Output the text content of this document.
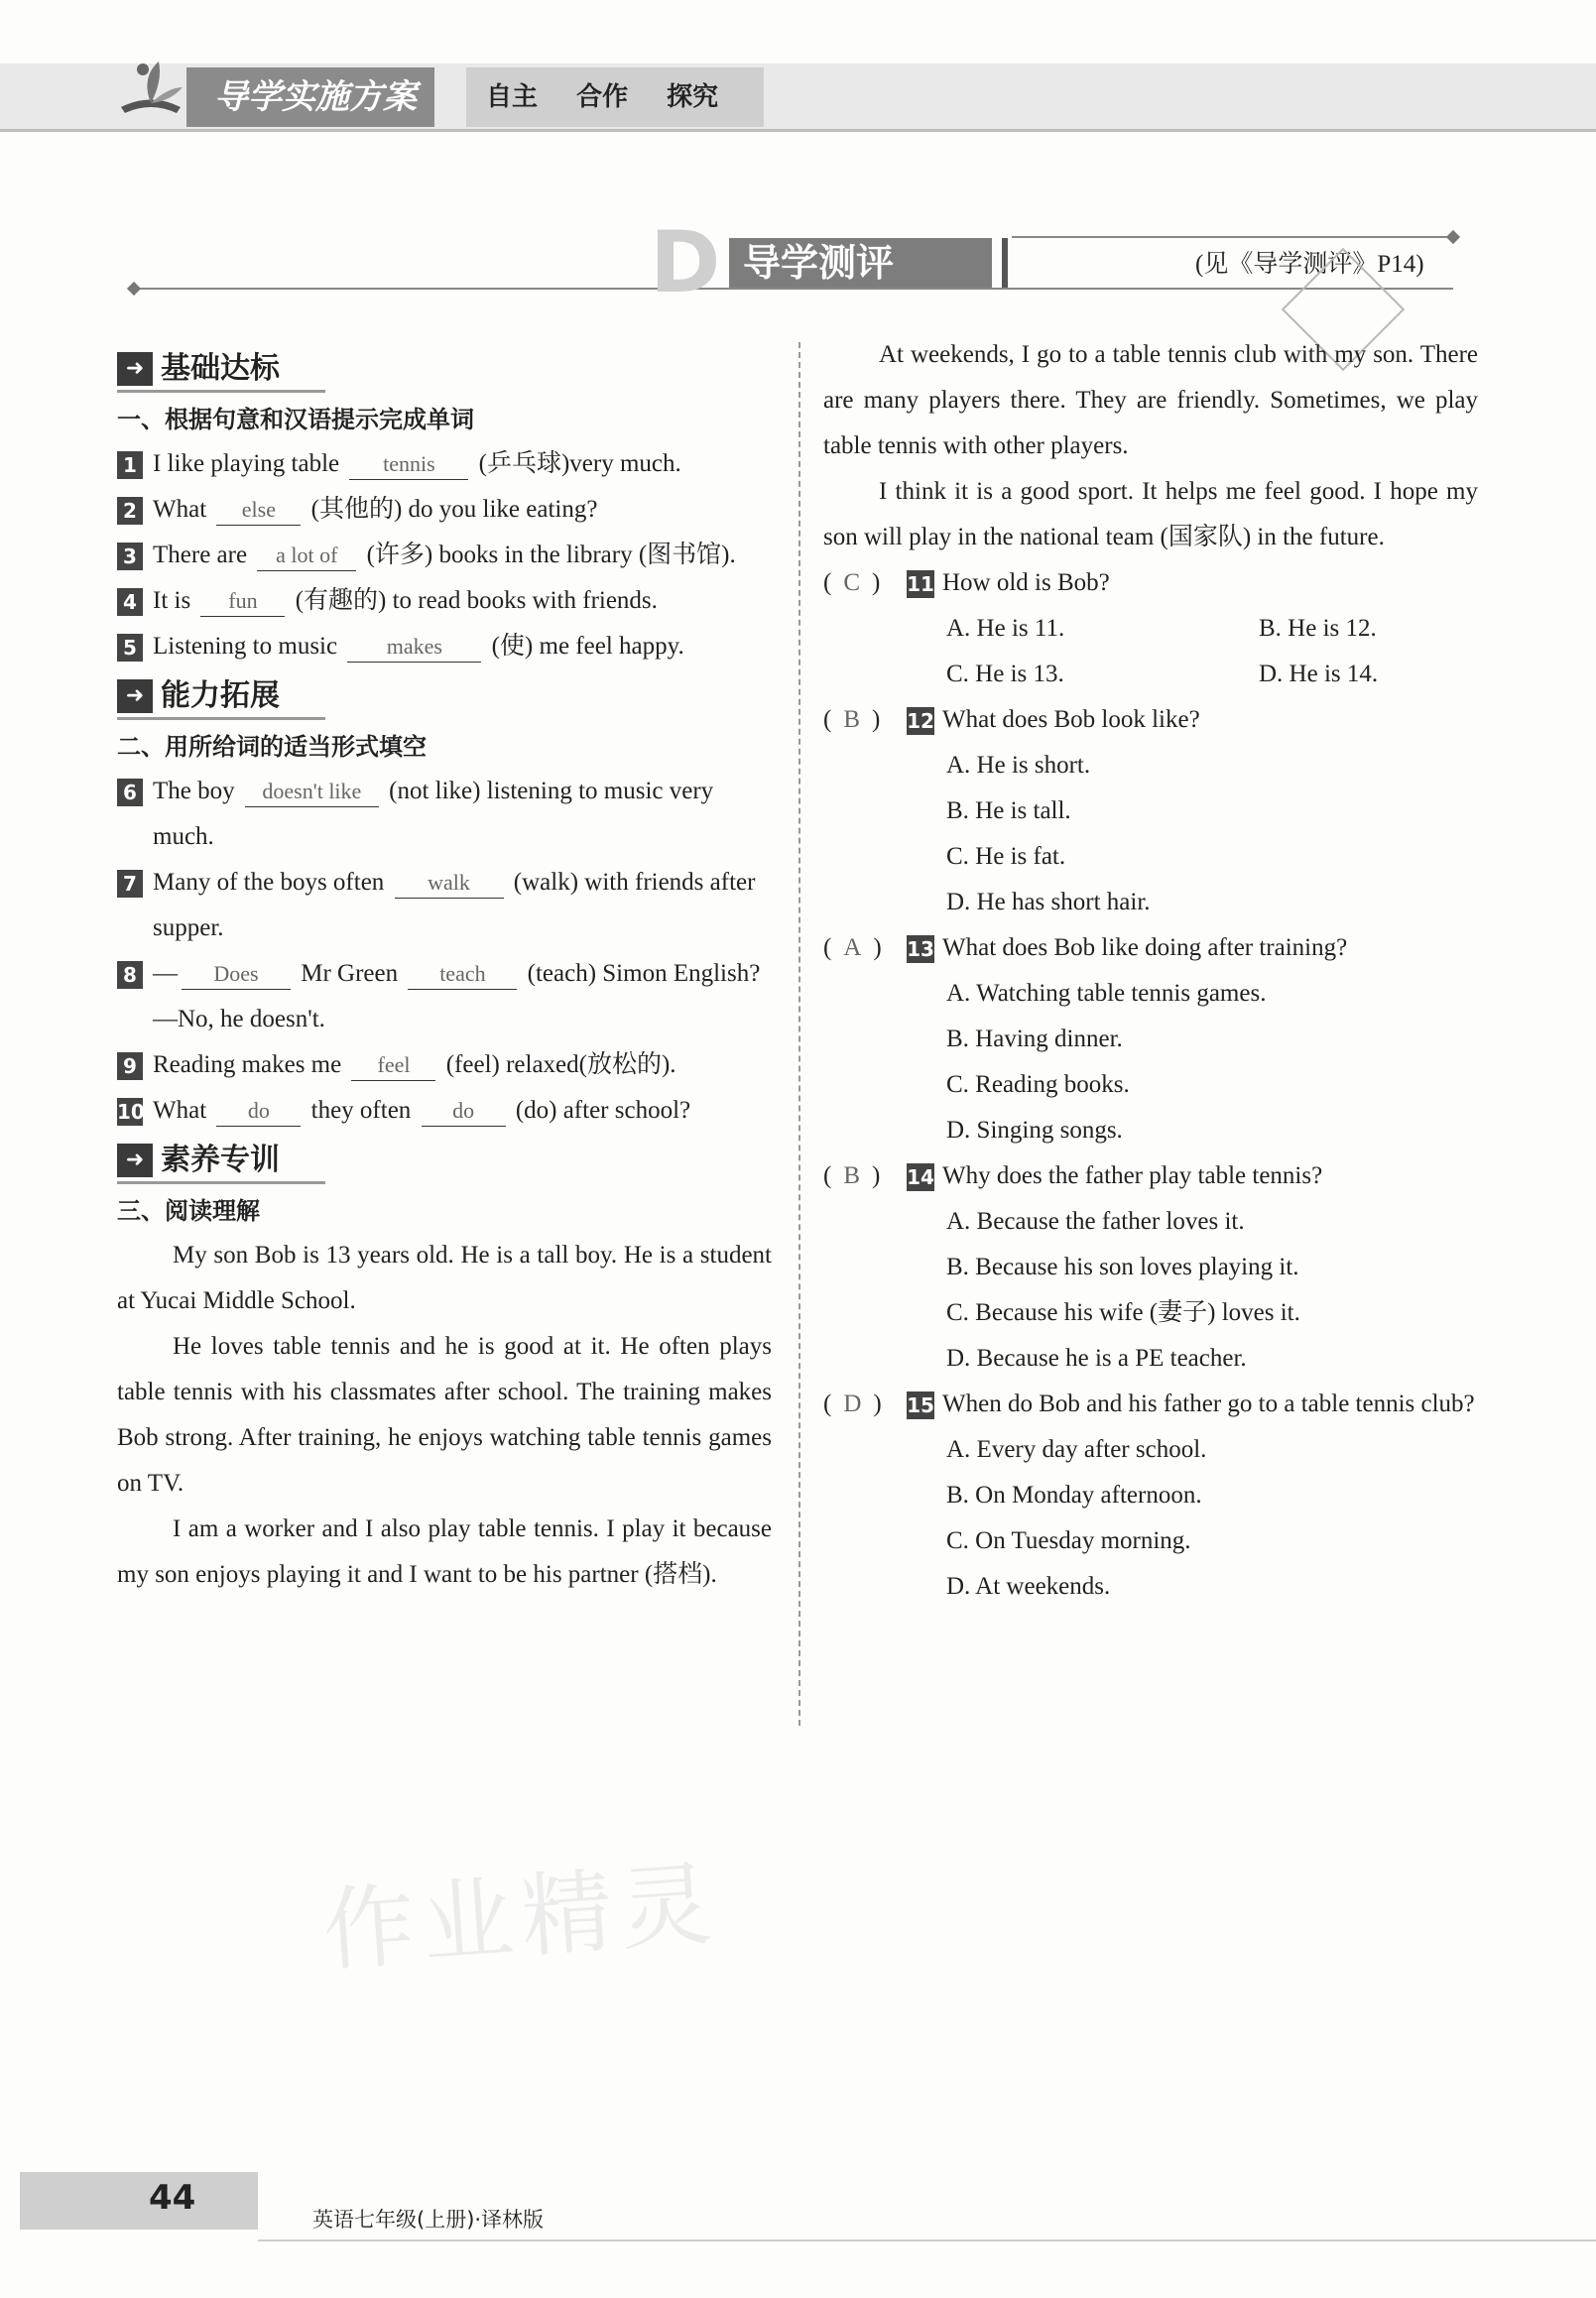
导学实施方案	自主 合作 探究
D 导学测评	(见《导学测评》P14)
➜ 基础达标
一、根据句意和汉语提示完成单词
1 I like playing table tennis (乒乓球)very much.
2 What else (其他的) do you like eating?
3 There are a lot of (许多) books in the library (图书馆).
4 It is fun (有趣的) to read books with friends.
5 Listening to music makes (使) me feel happy.
➜ 能力拓展
二、用所给词的适当形式填空
6 The boy doesn't like (not like) listening to music very much.
7 Many of the boys often walk (walk) with friends after supper.
8 — Does Mr Green teach (teach) Simon English?
—No, he doesn't.
9 Reading makes me feel (feel) relaxed(放松的).
10 What do they often do (do) after school?
➜ 素养专训
三、阅读理解
My son Bob is 13 years old. He is a tall boy. He is a student at Yucai Middle School.
He loves table tennis and he is good at it. He often plays table tennis with his classmates after school. The training makes Bob strong. After training, he enjoys watching table tennis games on TV.
I am a worker and I also play table tennis. I play it because my son enjoys playing it and I want to be his partner (搭档).
At weekends, I go to a table tennis club with my son. There are many players there. They are friendly. Sometimes, we play table tennis with other players.
I think it is a good sport. It helps me feel good. I hope my son will play in the national team (国家队) in the future.
( C )	11 How old is Bob?
A. He is 11.	B. He is 12.
C. He is 13.	D. He is 14.
( B )	12 What does Bob look like?
A. He is short.
B. He is tall.
C. He is fat.
D. He has short hair.
( A )	13 What does Bob like doing after training?
A. Watching table tennis games.
B. Having dinner.
C. Reading books.
D. Singing songs.
( B )	14 Why does the father play table tennis?
A. Because the father loves it.
B. Because his son loves playing it.
C. Because his wife (妻子) loves it.
D. Because he is a PE teacher.
( D )	15 When do Bob and his father go to a table tennis club?
A. Every day after school.
B. On Monday afternoon.
C. On Tuesday morning.
D. At weekends.
作业精灵
44
英语七年级(上册)·译林版
